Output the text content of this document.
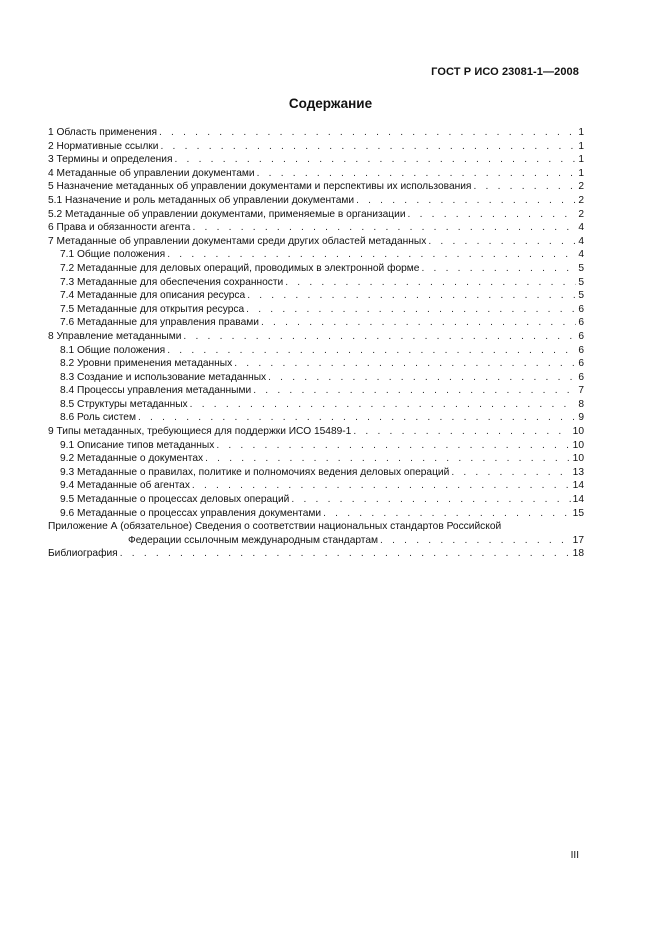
ГОСТ Р ИСО 23081-1—2008
Содержание
1 Область применения . . .	1
2 Нормативные ссылки . . .	1
3 Термины и определения . . .	1
4 Метаданные об управлении документами . . .	1
5 Назначение метаданных об управлении документами и перспективы их использования . . .	2
5.1 Назначение и роль метаданных об управлении документами . . .	2
5.2 Метаданные об управлении документами, применяемые в организации . . .	2
6 Права и обязанности агента . . .	4
7 Метаданные об управлении документами среди других областей метаданных . . .	4
7.1 Общие положения . . .	4
7.2 Метаданные для деловых операций, проводимых в электронной форме . . .	5
7.3 Метаданные для обеспечения сохранности . . .	5
7.4 Метаданные для описания ресурса . . .	5
7.5 Метаданные для открытия ресурса . . .	6
7.6 Метаданные для управления правами . . .	6
8 Управление метаданными . . .	6
8.1 Общие положения . . .	6
8.2 Уровни применения метаданных . . .	6
8.3 Создание и использование метаданных . . .	6
8.4 Процессы управления метаданными . . .	7
8.5 Структуры метаданных . . .	8
8.6 Роль систем . . .	9
9 Типы метаданных, требующиеся для поддержки ИСО 15489-1 . . .	10
9.1 Описание типов метаданных . . .	10
9.2 Метаданные о документах . . .	10
9.3 Метаданные о правилах, политике и полномочиях ведения деловых операций . . .	13
9.4 Метаданные об агентах . . .	14
9.5 Метаданные о процессах деловых операций . . .	14
9.6 Метаданные о процессах управления документами . . .	15
Приложение А (обязательное) Сведения о соответствии национальных стандартов Российской
Федерации ссылочным международным стандартам . . .	17
Библиография . . .	18
III
